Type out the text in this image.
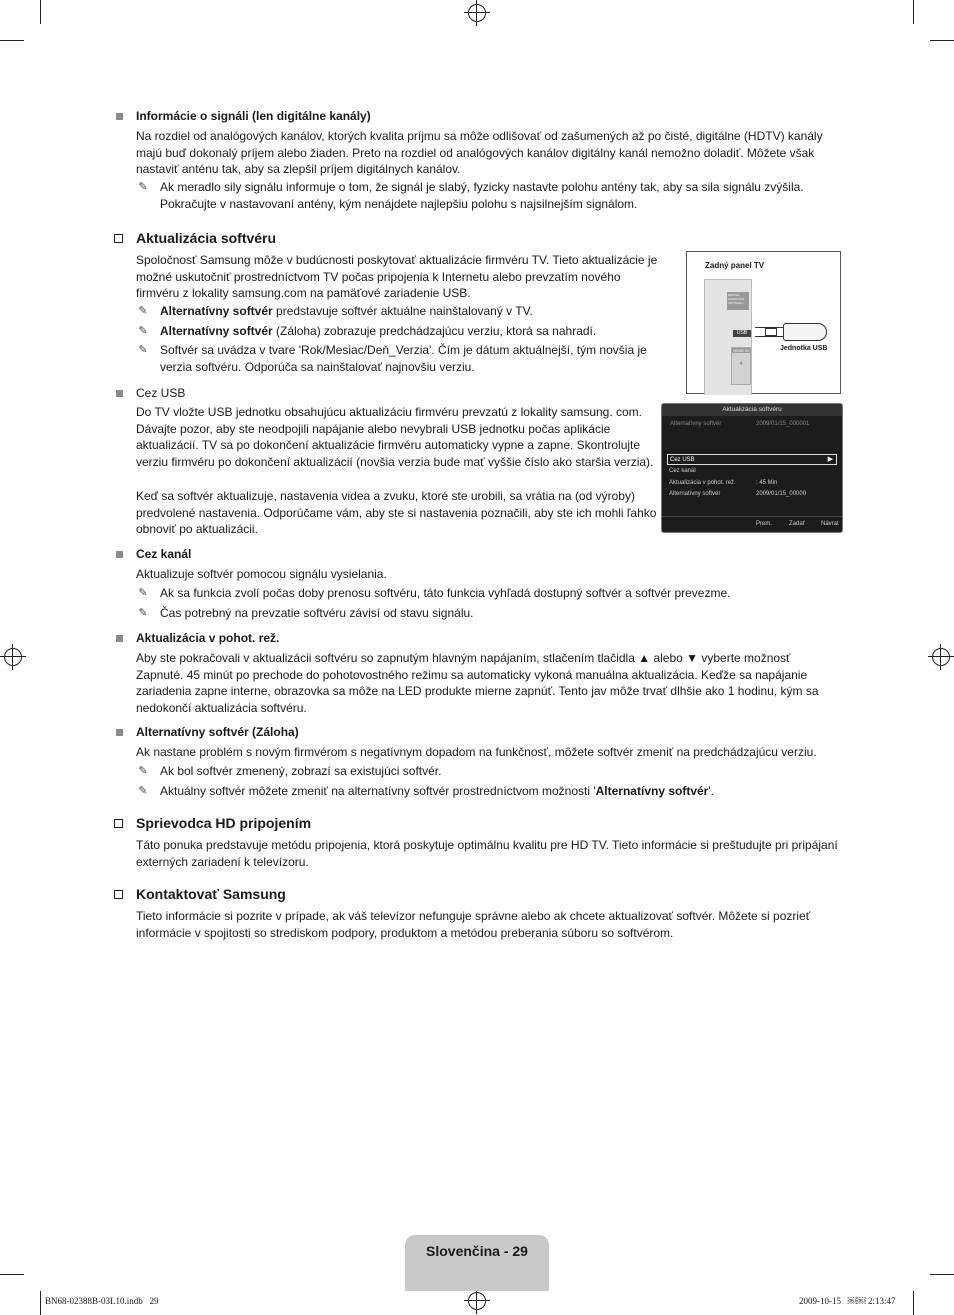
Informácie o signáli (len digitálne kanály)

Na rozdiel od analógových kanálov, ktorých kvalita príjmu sa môže odlišovať od zašumených až po čisté, digitálne (HDTV) kanály majú buď dokonalý príjem alebo žiaden. Preto na rozdiel od analógových kanálov digitálny kanál nemožno doladiť. Môžete však nastaviť anténu tak, aby sa zlepšil príjem digitálnych kanálov.

✎ Ak meradlo sily signálu informuje o tom, že signál je slabý, fyzicky nastavte polohu antény tak, aby sa sila signálu zvýšila. Pokračujte v nastavovaní antény, kým nenájdete najlepšiu polohu s najsilnejším signálom.

Aktualizácia softvéru

Spoločnosť Samsung môže v budúcnosti poskytovať aktualizácie firmvéru TV. Tieto aktualizácie je možné uskutočniť prostredníctvom TV počas pripojenia k Internetu alebo prevzatím nového firmvéru z lokality samsung.com na pamäťové zariadenie USB.

✎ Alternatívny softvér predstavuje softvér aktuálne nainštalovaný v TV.

✎ Alternatívny softvér (Záloha) zobrazuje predchádzajúcu verziu, ktorá sa nahradí.

✎ Softvér sa uvádza v tvare 'Rok/Mesiac/Deň_Verzia'. Čím je dátum aktuálnejší, tým novšia je verzia softvéru. Odporúča sa nainštalovať najnovšiu verziu.

Zadný panel TV
DIGITAL AUDIO OUT (OPTICAL)
USB
HDMI IN
4
Jednotka USB
Aktualizácia softvéru
Alternatívny softvér	2009/01/15_000001
Cez USB	▶
Cez kanál
Aktualizácia v pohot. rež.	: 45 Min
Alternatívny softvér	2009/01/15_00000
Prem.	Zadať	Návrat
Cez USB

Do TV vložte USB jednotku obsahujúcu aktualizáciu firmvéru prevzatú z lokality samsung. com. Dávajte pozor, aby ste neodpojili napájanie alebo nevybrali USB jednotku počas aplikácie aktualizácií. TV sa po dokončení aktualizácie firmvéru automaticky vypne a zapne. Skontrolujte verziu firmvéru po dokončení aktualizácií (novšia verzia bude mať vyššie číslo ako staršia verzia).

Keď sa softvér aktualizuje, nastavenia videa a zvuku, ktoré ste urobili, sa vrátia na (od výroby) predvolené nastavenia. Odporúčame vám, aby ste si nastavenia poznačili, aby ste ich mohli ľahko obnoviť po aktualizácii.

Cez kanál

Aktualizuje softvér pomocou signálu vysielania.

✎ Ak sa funkcia zvolí počas doby prenosu softvéru, táto funkcia vyhľadá dostupný softvér a softvér prevezme.

✎ Čas potrebný na prevzatie softvéru závisí od stavu signálu.

Aktualizácia v pohot. rež.

Aby ste pokračovali v aktualizácii softvéru so zapnutým hlavným napájaním, stlačením tlačidla ▲ alebo ▼ vyberte možnosť Zapnuté. 45 minút po prechode do pohotovostného režimu sa automaticky vykoná manuálna aktualizácia. Keďže sa napájanie zariadenia zapne interne, obrazovka sa môže na LED produkte mierne zapnúť. Tento jav môže trvať dlhšie ako 1 hodinu, kým sa nedokončí aktualizácia softvéru.

Alternatívny softvér (Záloha)

Ak nastane problém s novým firmvérom s negatívnym dopadom na funkčnosť, môžete softvér zmeniť na predchádzajúcu verziu.

✎ Ak bol softvér zmenený, zobrazí sa existujúci softvér.

✎ Aktuálny softvér môžete zmeniť na alternatívny softvér prostredníctvom možnosti 'Alternatívny softvér'.

Sprievodca HD pripojením

Táto ponuka predstavuje metódu pripojenia, ktorá poskytuje optimálnu kvalitu pre HD TV. Tieto informácie si preštudujte pri pripájaní externých zariadení k televízoru.

Kontaktovať Samsung

Tieto informácie si pozrite v prípade, ak váš televízor nefunguje správne alebo ak chcete aktualizovať softvér. Môžete si pozrieť informácie v spojitosti so strediskom podpory, produktom a metódou preberania súboru so softvérom.

Slovenčina - 29
BN68-02388B-03L10.indb   29	2009-10-15   ￼￼ 2:13:47
